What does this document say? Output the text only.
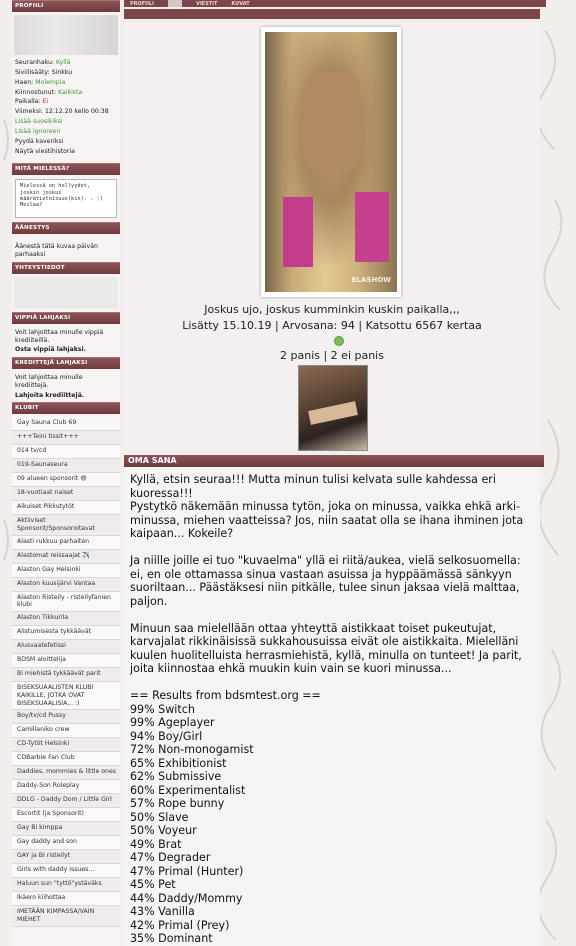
PROFIILI
Seuranhaku: Kyllä
Siviilisääty: Sinkku
Haen: Molempia
Kiinnostunut: Kaikista
Paikalla: Ei
Viimeksi: 12.12.20 kello 00:38
Lisää suosikiksi
Lisää ignoreen
Pyydä kaveriksi
Näytä viestihistoria
MITÄ MIELESSÄ?
Mielessä on hellyydet, joskin joskus määrätietoisuus(kin). . :) Meilaa?
ÄÄNESTYS
Äänestä tätä kuvaa päivän parhaaksi
YHTEYSTIEDOT
VIPPIÄ LAHJAKSI
Voit lahjoittaa minulle vippiä krediiteillä.
Osta vippiä lahjaksi.
KREDITTEJÄ LAHJAKSI
Voit lahjoittaa minulle krediittejä.
Lahjoita krediittejä.
KLUBIT
Gay Sauna Club 69
+++Teini tissit+++
014 tv/cd
019-Saunaseura
09 alueen sponsorit 😄
18-vuotiaat naiset
Aikuiset Pikkutytöt
Aktiiviset Sponsorit/Sponsoroitavat
Alasti rukkuu parhaiten
Alastomat reissaajat ✈️
Alaston Gay Helsinki
Alaston kuusijärvi Vantaa
Alaston Risteily - risteilyfanien klubi
Alaston Tikkurila
Alistumisesta tykkäävät
Alusvaatefetissi
BDSM aloittelija
Bi miehistä tykkäävät parit
BISEKSUAALISTEN KLUBI KAIKILLE, JOTKA OVAT BISEKSUAALISIA... :)
Boy/tv/cd Pussy
Camillaniko crew
CD-Tytöt Helsinki
CDBarbie Fan Club
Daddies, mommies & little ones
Daddy-Son Roleplay
DDLG - Daddy Dom / Little Girl
Escortit (ja Sponsorit)
Gay Bi kimppa
Gay daddy and son
GAY ja BI risteilyt
Girls with daddy issues...
Haluun sun "tyttö"ystäväks
Ikäero kiihottaa
IMETÄÄN KIMPASSA/VAIN MIEHET
PROFIILI	VIESTIT	KUVAT
BLASHOW
Joskus ujo, joskus kumminkin kuskin paikalla,,,
Lisätty 15.10.19 | Arvosana: 94 | Katsottu 6567 kertaa
2 panis | 2 ei panis
OMA SANA

Kyllä, etsin seuraa!!! Mutta minun tulisi kelvata sulle kahdessa eri kuoressa!!!
Pystytkö näkemään minussa tytön, joka on minussa, vaikka ehkä arki-minussa, miehen vaatteissa? Jos, niin saatat olla se ihana ihminen jota kaipaan... Kokeile?

Ja niille joille ei tuo "kuvaelma" yllä ei riitä/aukea, vielä selkosuomella: ei, en ole ottamassa sinua vastaan asuissa ja hyppäämässä sänkyyn suoriltaan... Päästäksesi niin pitkälle, tulee sinun jaksaa vielä malttaa, paljon.

Minuun saa mielellään ottaa yhteyttä aistikkaat toiset pukeutujat, karvajalat rikkinäisissä sukkahousuissa eivät ole aistikkaita. Mielelläni kuulen huolitelluista herrasmiehistä, kyllä, minulla on tunteet! Ja parit, joita kiinnostaa ehkä muukin kuin vain se kuori minussa...

== Results from bdsmtest.org ==
99% Switch
99% Ageplayer
94% Boy/Girl
72% Non-monogamist
65% Exhibitionist
62% Submissive
60% Experimentalist
57% Rope bunny
50% Slave
50% Voyeur
49% Brat
47% Degrader
47% Primal (Hunter)
45% Pet
44% Daddy/Mommy
43% Vanilla
42% Primal (Prey)
35% Dominant
